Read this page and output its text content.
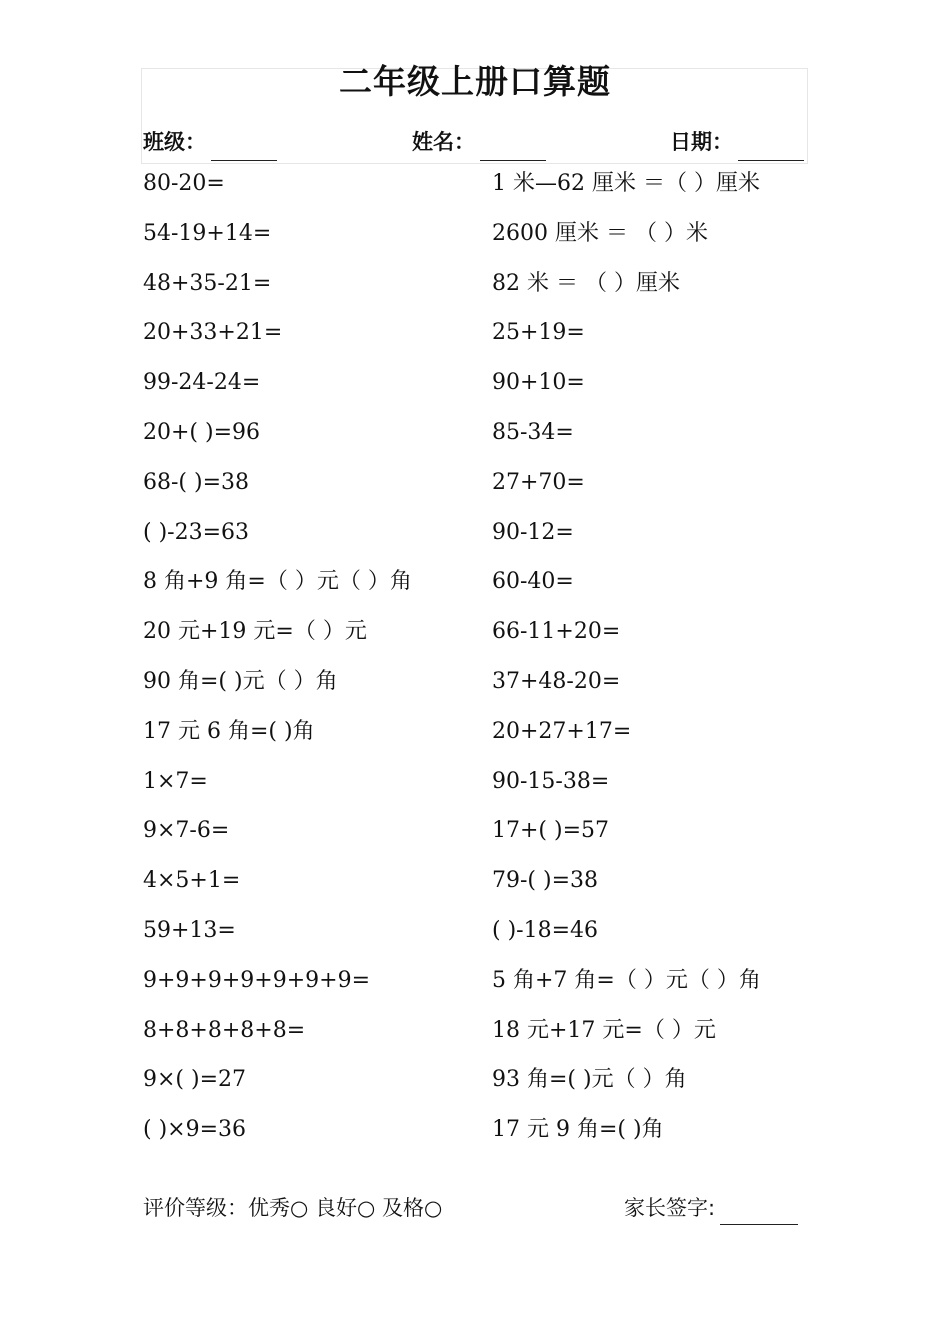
二年级上册口算题
班级：	姓名：	日期：
80-20=
54-19+14=
48+35-21=
20+33+21=
99-24-24=
20+( )=96
68-( )=38
( )-23=63
8 角+9 角=（ ）元（ ）角
20 元+19 元=（ ）元
90 角=( )元（ ）角
17 元 6 角=( )角
1×7=
9×7-6=
4×5+1=
59+13=
9+9+9+9+9+9+9=
8+8+8+8+8=
9×( )=27
( )×9=36
1 米—62 厘米 ＝（ ）厘米
2600 厘米 ＝ （ ）米
82 米 ＝ （ ）厘米
25+19=
90+10=
85-34=
27+70=
90-12=
60-40=
66-11+20=
37+48-20=
20+27+17=
90-15-38=
17+( )=57
79-( )=38
( )-18=46
5 角+7 角=（ ）元（ ）角
18 元+17 元=（ ）元
93 角=( )元（ ）角
17 元 9 角=( )角
评价等级：优秀○ 良好○ 及格○	家长签字:
